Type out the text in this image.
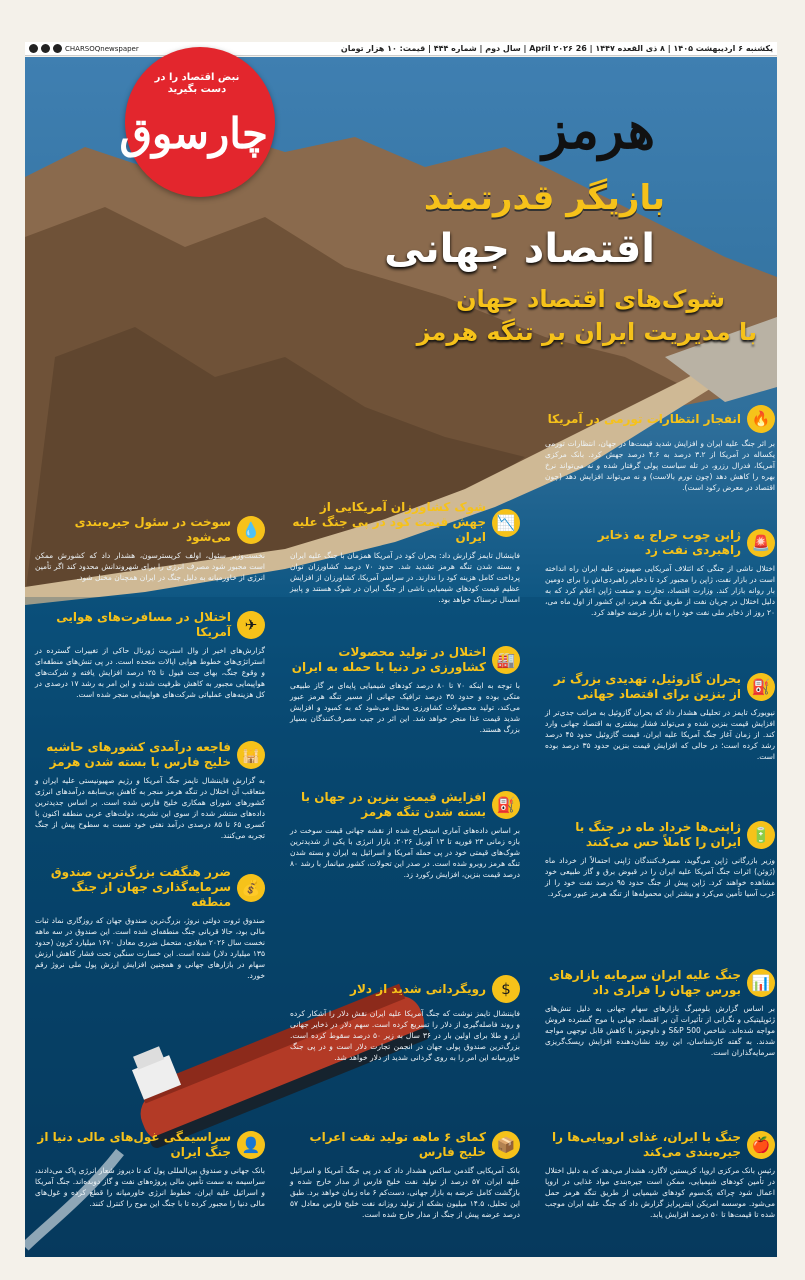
یکشنبه ۶ اردیبهشت ۱۴۰۵ | ۸ ذی القعده ۱۴۴۷ | 26 April ۲۰۲۶ | سال دوم | شماره ۴۴۴ | قیمت: ۱۰ هزار تومان
CHARSOQnewspaper
نبض اقتصاد را در دست بگیرید
چارسوق	هرمز
بازیگر قدرتمند
اقتصاد جهانی
شوک‌های اقتصاد جهان
با مدیریت ایران بر تنگه هرمز
🔥
انفجار انتظارات تورمی در آمریکا
بر اثر جنگ علیه ایران و افزایش شدید قیمت‌ها در جهان، انتظارات تورمی یکساله در آمریکا از ۳.۲ درصد به ۴.۶ درصد جهش کرد. بانک مرکزی آمریکا، فدرال رزرو، در تله سیاست پولی گرفتار شده و نه می‌تواند نرخ بهره را کاهش دهد (چون تورم بالاست) و نه می‌تواند افزایش دهد (چون اقتصاد در معرض رکود است).
💧
سوخت در سئول جیره‌بندی می‌شود
نخست‌وزیر سئول، اولف کریسترسون، هشدار داد که کشورش ممکن است مجبور شود مصرف انرژی را برای شهروندانش محدود کند اگر تأمین انرژی از خاورمیانه به دلیل جنگ در ایران همچنان مختل شود.
📉
شوک کشاورزان آمریکایی از جهش قیمت کود در پی جنگ علیه ایران
فاینشال تایمز گزارش داد: بحران کود در آمریکا همزمان با جنگ علیه ایران و بسته شدن تنگه هرمز تشدید شد. حدود ۷۰ درصد کشاورزان توان پرداخت کامل هزینه کود را ندارند. در سراسر آمریکا، کشاورزان از افزایش عظیم قیمت کودهای شیمیایی ناشی از جنگ ایران در شوک هستند و پاییز امسال ترسناک خواهد بود.
🚨
ژاپن چوب حراج به ذخایر راهبردی نفت زد
اختلال ناشی از جنگی که ائتلاف آمریکایی صهیونی علیه ایران راه انداخته است در بازار نفت، ژاپن را مجبور کرد تا ذخایر راهبردی‌اش را برای دومین بار روانه بازار کند. وزارت اقتصاد، تجارت و صنعت ژاپن اعلام کرد که به دلیل اختلال در جریان نفت از طریق تنگه هرمز، این کشور از اول ماه می، ۲۰ روز از ذخایر ملی نفت خود را به بازار عرضه خواهد کرد.
✈
اختلال در مسافرت‌های هوایی آمریکا
گزارش‌های اخیر از وال استریت ژورنال حاکی از تغییرات گسترده در استراتژی‌های خطوط هوایی ایالات متحده است. در پی تنش‌های منطقه‌ای و وقوع جنگ، بهای جت فیول تا ۲۵ درصد افزایش یافته و شرکت‌های هواپیمایی مجبور به کاهش ظرفیت شدند و این امر به رشد ۱۷ درصدی در کل هزینه‌های عملیاتی شرکت‌های هواپیمایی منجر شده است.
🏭
اختلال در تولید محصولات کشاورزی در دنیا با حمله به ایران
با توجه به اینکه ۷۰ تا ۸۰ درصد کودهای شیمیایی پایه‌ای بر گاز طبیعی متکی بوده و حدود ۳۵ درصد ترافیک جهانی از مسیر تنگه هرمز عبور می‌کند، تولید محصولات کشاورزی مختل می‌شود که به کمبود و افزایش شدید قیمت غذا منجر خواهد شد. این اثر در جیب مصرف‌کنندگان بسیار بزرگ هستند.
⛽
بحران گازوئیل، تهدیدی بزرگ تر از بنزین برای اقتصاد جهانی
نیویورک تایمز در تحلیلی هشدار داد که بحران گازوئیل به مراتب جدی‌تر از افزایش قیمت بنزین شده و می‌تواند فشار بیشتری به اقتصاد جهانی وارد کند. از زمان آغاز جنگ آمریکا علیه ایران، قیمت گازوئیل حدود ۴۵ درصد رشد کرده است؛ در حالی که افزایش قیمت بنزین حدود ۳۵ درصد بوده است.
🕌
فاجعه درآمدی کشورهای حاشیه خلیج فارس با بسته شدن هرمز
به گزارش فایننشال تایمز جنگ آمریکا و رژیم صهیونیستی علیه ایران و متعاقب آن اختلال در تنگه هرمز منجر به کاهش بی‌سابقه درآمدهای انرژی کشورهای شورای همکاری خلیج فارس شده است. بر اساس جدیدترین داده‌های منتشر شده از سوی این نشریه، دولت‌های عربی منطقه اکنون با کسری ۶۵ تا ۸۵ درصدی درآمد نفتی خود نسبت به سطوح پیش از جنگ تجربه می‌کنند.
⛽
افزایش قیمت بنزین در جهان با بسته شدن تنگه هرمز
بر اساس داده‌های آماری استخراج شده از نقشه جهانی قیمت سوخت در بازه زمانی ۲۳ فوریه تا ۱۳ آوریل ۲۰۲۶، بازار انرژی با یکی از شدیدترین شوک‌های قیمتی خود در پی حمله آمریکا و اسرائیل به ایران و بسته شدن تنگه هرمز روبرو شده است. در صدر این تحولات، کشور میانمار با رشد ۸۰ درصد قیمت بنزین، افزایش رکورد زد.
🔋
ژاپنی‌ها خرداد ماه در جنگ با ایران را کاملاً حس می‌کنند
وزیر بازرگانی ژاپن می‌گوید، مصرف‌کنندگان ژاپنی احتمالاً از خرداد ماه (ژوئن) اثرات جنگ آمریکا علیه ایران را در قبوض برق و گاز طبیعی خود مشاهده خواهند کرد. ژاپن پیش از جنگ حدود ۹۵ درصد نفت خود را از غرب آسیا تأمین می‌کرد و بیشتر این محموله‌ها از تنگه هرمز عبور می‌کرد.
💰
ضرر هنگفت بزرگ‌ترین صندوق سرمایه‌گذاری جهان از جنگ منطقه
صندوق ثروت دولتی نروژ، بزرگ‌ترین صندوق جهان که روزگاری نماد ثبات مالی بود، حالا قربانی جنگ منطقه‌ای شده است. این صندوق در سه ماهه نخست سال ۲۰۲۶ میلادی، متحمل ضرری معادل ۱۶۷۰ میلیارد کرون (حدود ۱۳۵ میلیارد دلار) شده است. این خسارت سنگین تحت فشار کاهش ارزش سهام در بازارهای جهانی و همچنین افزایش ارزش پول ملی نروژ رقم خورد.
$
رویگردانی شدید از دلار
فایننشال تایمز نوشت که جنگ آمریکا علیه ایران نقش دلار را آشکار کرده و روند فاصله‌گیری از دلار را تسریع کرده است. سهم دلار در ذخایر جهانی ارز و طلا برای اولین بار در ۳۶ سال به زیر ۵۰ درصد سقوط کرده است. بزرگ‌ترین صندوق پولی جهان در انجمن تجارت دلار است و در پی جنگ خاورمیانه این امر را به روی گردانی شدید از دلار خواهد شد.
📊
جنگ علیه ایران سرمایه بازارهای بورس جهان را فراری داد
بر اساس گزارش بلومبرگ بازارهای سهام جهانی به دلیل تنش‌های ژئوپلیتیکی و نگرانی از تأثیرات آن بر اقتصاد جهانی با موج گسترده فروش مواجه شده‌اند. شاخص S&P 500 و داوجونز با کاهش قابل توجهی مواجه شدند. به گفته کارشناسان، این روند نشان‌دهنده افزایش ریسک‌گریزی سرمایه‌گذاران است.
👤
سراسیمگی غول‌های مالی دنیا از جنگ ایران
بانک جهانی و صندوق بین‌المللی پول که تا دیروز شعار انرژی پاک می‌دادند، سراسیمه به سمت تأمین مالی پروژه‌های نفت و گاز دوبده‌اند. جنگ آمریکا و اسرائیل علیه ایران، خطوط انرژی خاورمیانه را قطع کرده و غول‌های مالی دنیا را مجبور کرده تا با جنگ این موج را کنترل کنند.
📦
کمای ۶ ماهه تولید نفت اعراب خلیج فارس
بانک آمریکایی گلدمن ساکس هشدار داد که در پی جنگ آمریکا و اسرائیل علیه ایران، ۵۷ درصد از تولید نفت خلیج فارس از مدار خارج شده و بازگشت کامل عرضه به بازار جهانی، دست‌کم ۶ ماه زمان خواهد برد. طبق این تحلیل، ۱۴.۵ میلیون بشکه از تولید روزانه نفت خلیج فارس معادل ۵۷ درصد عرضه پیش از جنگ از مدار خارج شده است.
🍎
جنگ با ایران، غذای اروپایی‌ها را جیره‌بندی می‌کند
رئیس بانک مرکزی اروپا، کریستین لاگارد، هشدار می‌دهد که به دلیل اختلال در تأمین کودهای شیمیایی، ممکن است جیره‌بندی مواد غذایی در اروپا اعمال شود چراکه یک‌سوم کودهای شیمیایی از طریق تنگه هرمز حمل می‌شود. موسسه امریکن اینترپرایز گزارش داد که جنگ علیه ایران موجب شده تا قیمت‌ها تا ۵۰ درصد افزایش یابد.
